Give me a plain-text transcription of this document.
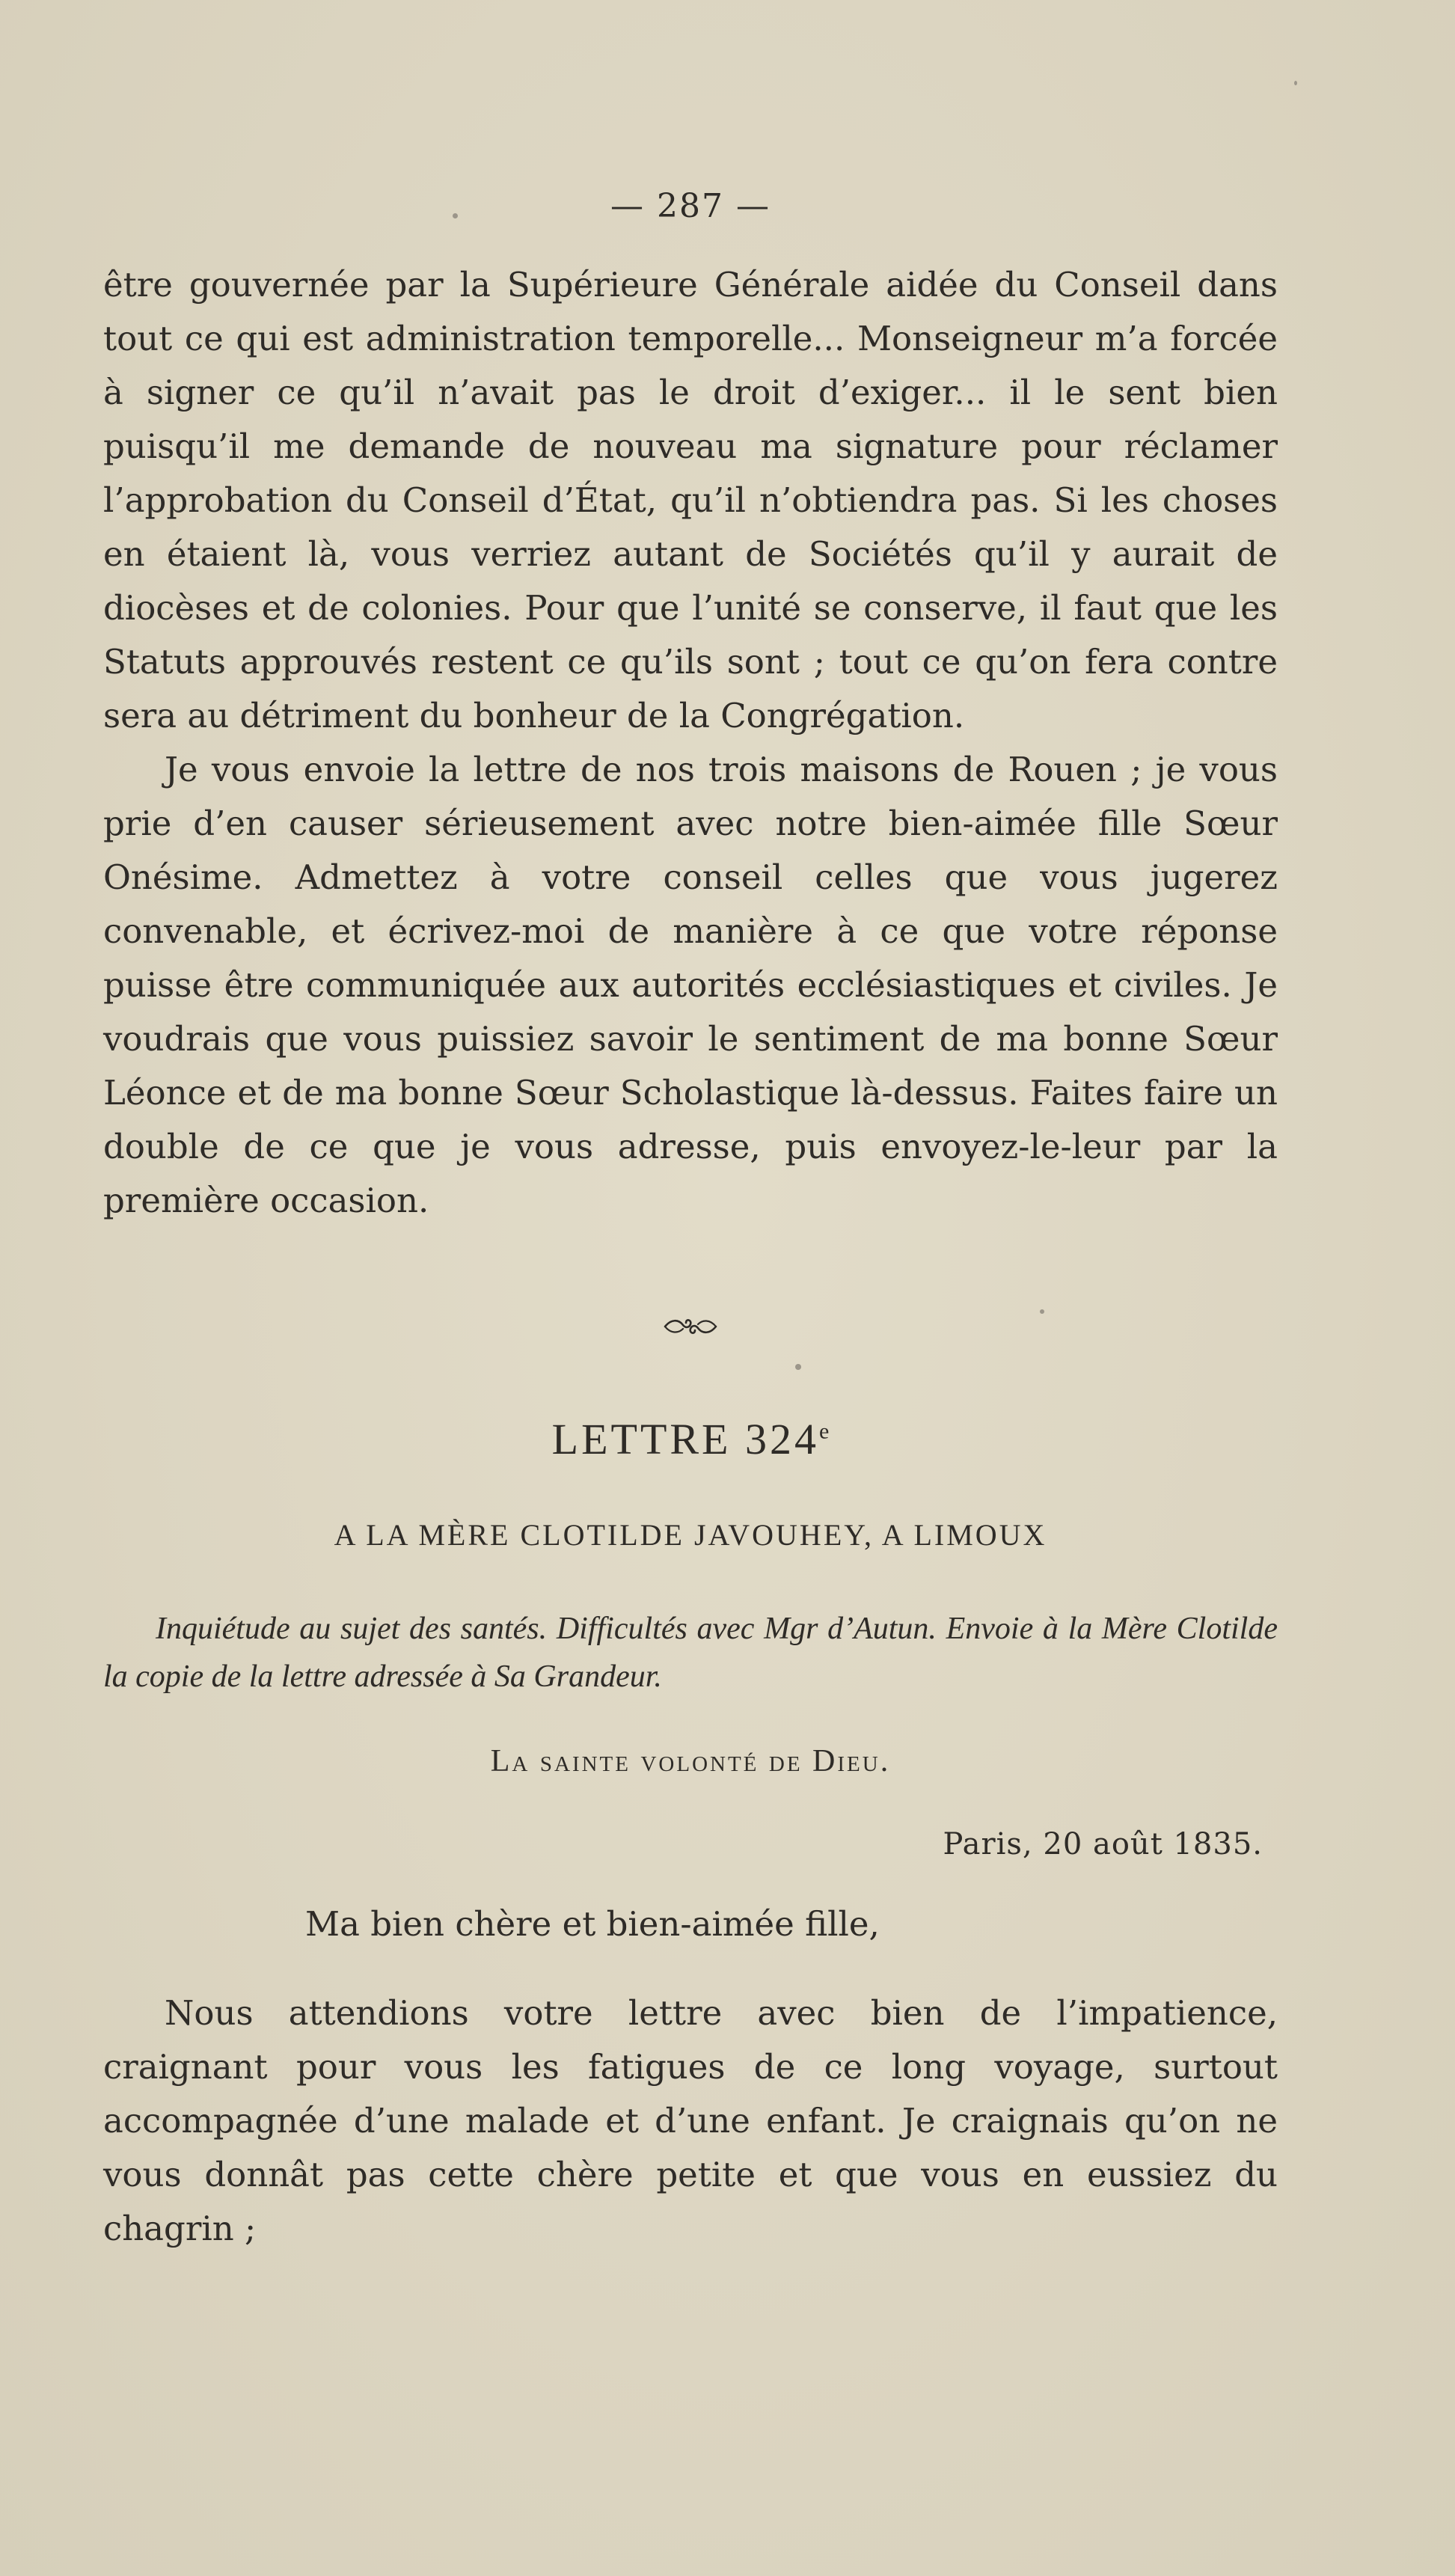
— 287 —

être gouvernée par la Supérieure Générale aidée du Conseil dans tout ce qui est administration temporelle... Monseigneur m’a forcée à signer ce qu’il n’avait pas le droit d’exiger... il le sent bien puisqu’il me demande de nouveau ma signature pour réclamer l’approbation du Conseil d’État, qu’il n’obtiendra pas. Si les choses en étaient là, vous verriez autant de Sociétés qu’il y aurait de diocèses et de colonies. Pour que l’unité se conserve, il faut que les Statuts approuvés restent ce qu’ils sont ; tout ce qu’on fera contre sera au détriment du bonheur de la Congrégation.

Je vous envoie la lettre de nos trois maisons de Rouen ; je vous prie d’en causer sérieusement avec notre bien-aimée fille Sœur Onésime. Admettez à votre conseil celles que vous jugerez convenable, et écrivez-moi de manière à ce que votre réponse puisse être communiquée aux autorités ecclésiastiques et civiles. Je voudrais que vous puissiez savoir le sentiment de ma bonne Sœur Léonce et de ma bonne Sœur Scholastique là-dessus. Faites faire un double de ce que je vous adresse, puis envoyez-le-leur par la première occasion.

LETTRE 324e
A LA MÈRE CLOTILDE JAVOUHEY, A LIMOUX

Inquiétude au sujet des santés. Difficultés avec Mgr d’Autun. Envoie à la Mère Clotilde la copie de la lettre adressée à Sa Grandeur.

La sainte volonté de Dieu.
Paris, 20 août 1835.
Ma bien chère et bien-aimée fille,

Nous attendions votre lettre avec bien de l’impatience, craignant pour vous les fatigues de ce long voyage, surtout accompagnée d’une malade et d’une enfant. Je craignais qu’on ne vous donnât pas cette chère petite et que vous en eussiez du chagrin ;
